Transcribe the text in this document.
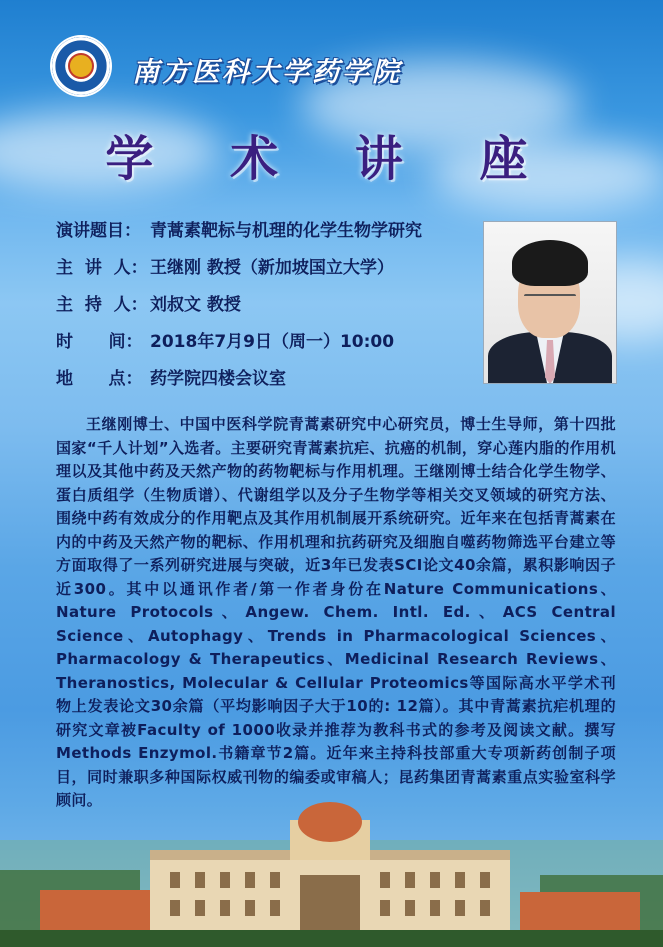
南方医科大学药学院
学 术 讲 座
演讲题目： 青蒿素靶标与机理的化学生物学研究
主  讲  人： 王继刚 教授（新加坡国立大学）
主  持  人： 刘叔文 教授
时      间： 2018年7月9日（周一）10:00
地      点： 药学院四楼会议室
王继刚博士、中国中医科学院青蒿素研究中心研究员，博士生导师，第十四批国家“千人计划”入选者。主要研究青蒿素抗疟、抗癌的机制，穿心莲内脂的作用机理以及其他中药及天然产物的药物靶标与作用机理。王继刚博士结合化学生物学、蛋白质组学（生物质谱）、代谢组学以及分子生物学等相关交叉领域的研究方法、围绕中药有效成分的作用靶点及其作用机制展开系统研究。近年来在包括青蒿素在内的中药及天然产物的靶标、作用机理和抗药研究及细胞自噬药物筛选平台建立等方面取得了一系列研究进展与突破，近3年已发表SCI论文40余篇，累积影响因子近300。其中以通讯作者/第一作者身份在Nature Communications、Nature Protocols、Angew. Chem. Intl. Ed.、ACS Central Science、Autophagy、Trends in Pharmacological Sciences、Pharmacology & Therapeutics、Medicinal Research Reviews、Theranostics, Molecular & Cellular Proteomics等国际高水平学术刊物上发表论文30余篇（平均影响因子大于10的: 12篇）。其中青蒿素抗疟机理的研究文章被Faculty of 1000收录并推荐为教科书式的参考及阅读文献。撰写Methods Enzymol.书籍章节2篇。近年来主持科技部重大专项新药创制子项目，同时兼职多种国际权威刊物的编委或审稿人；昆药集团青蒿素重点实验室科学顾问。
